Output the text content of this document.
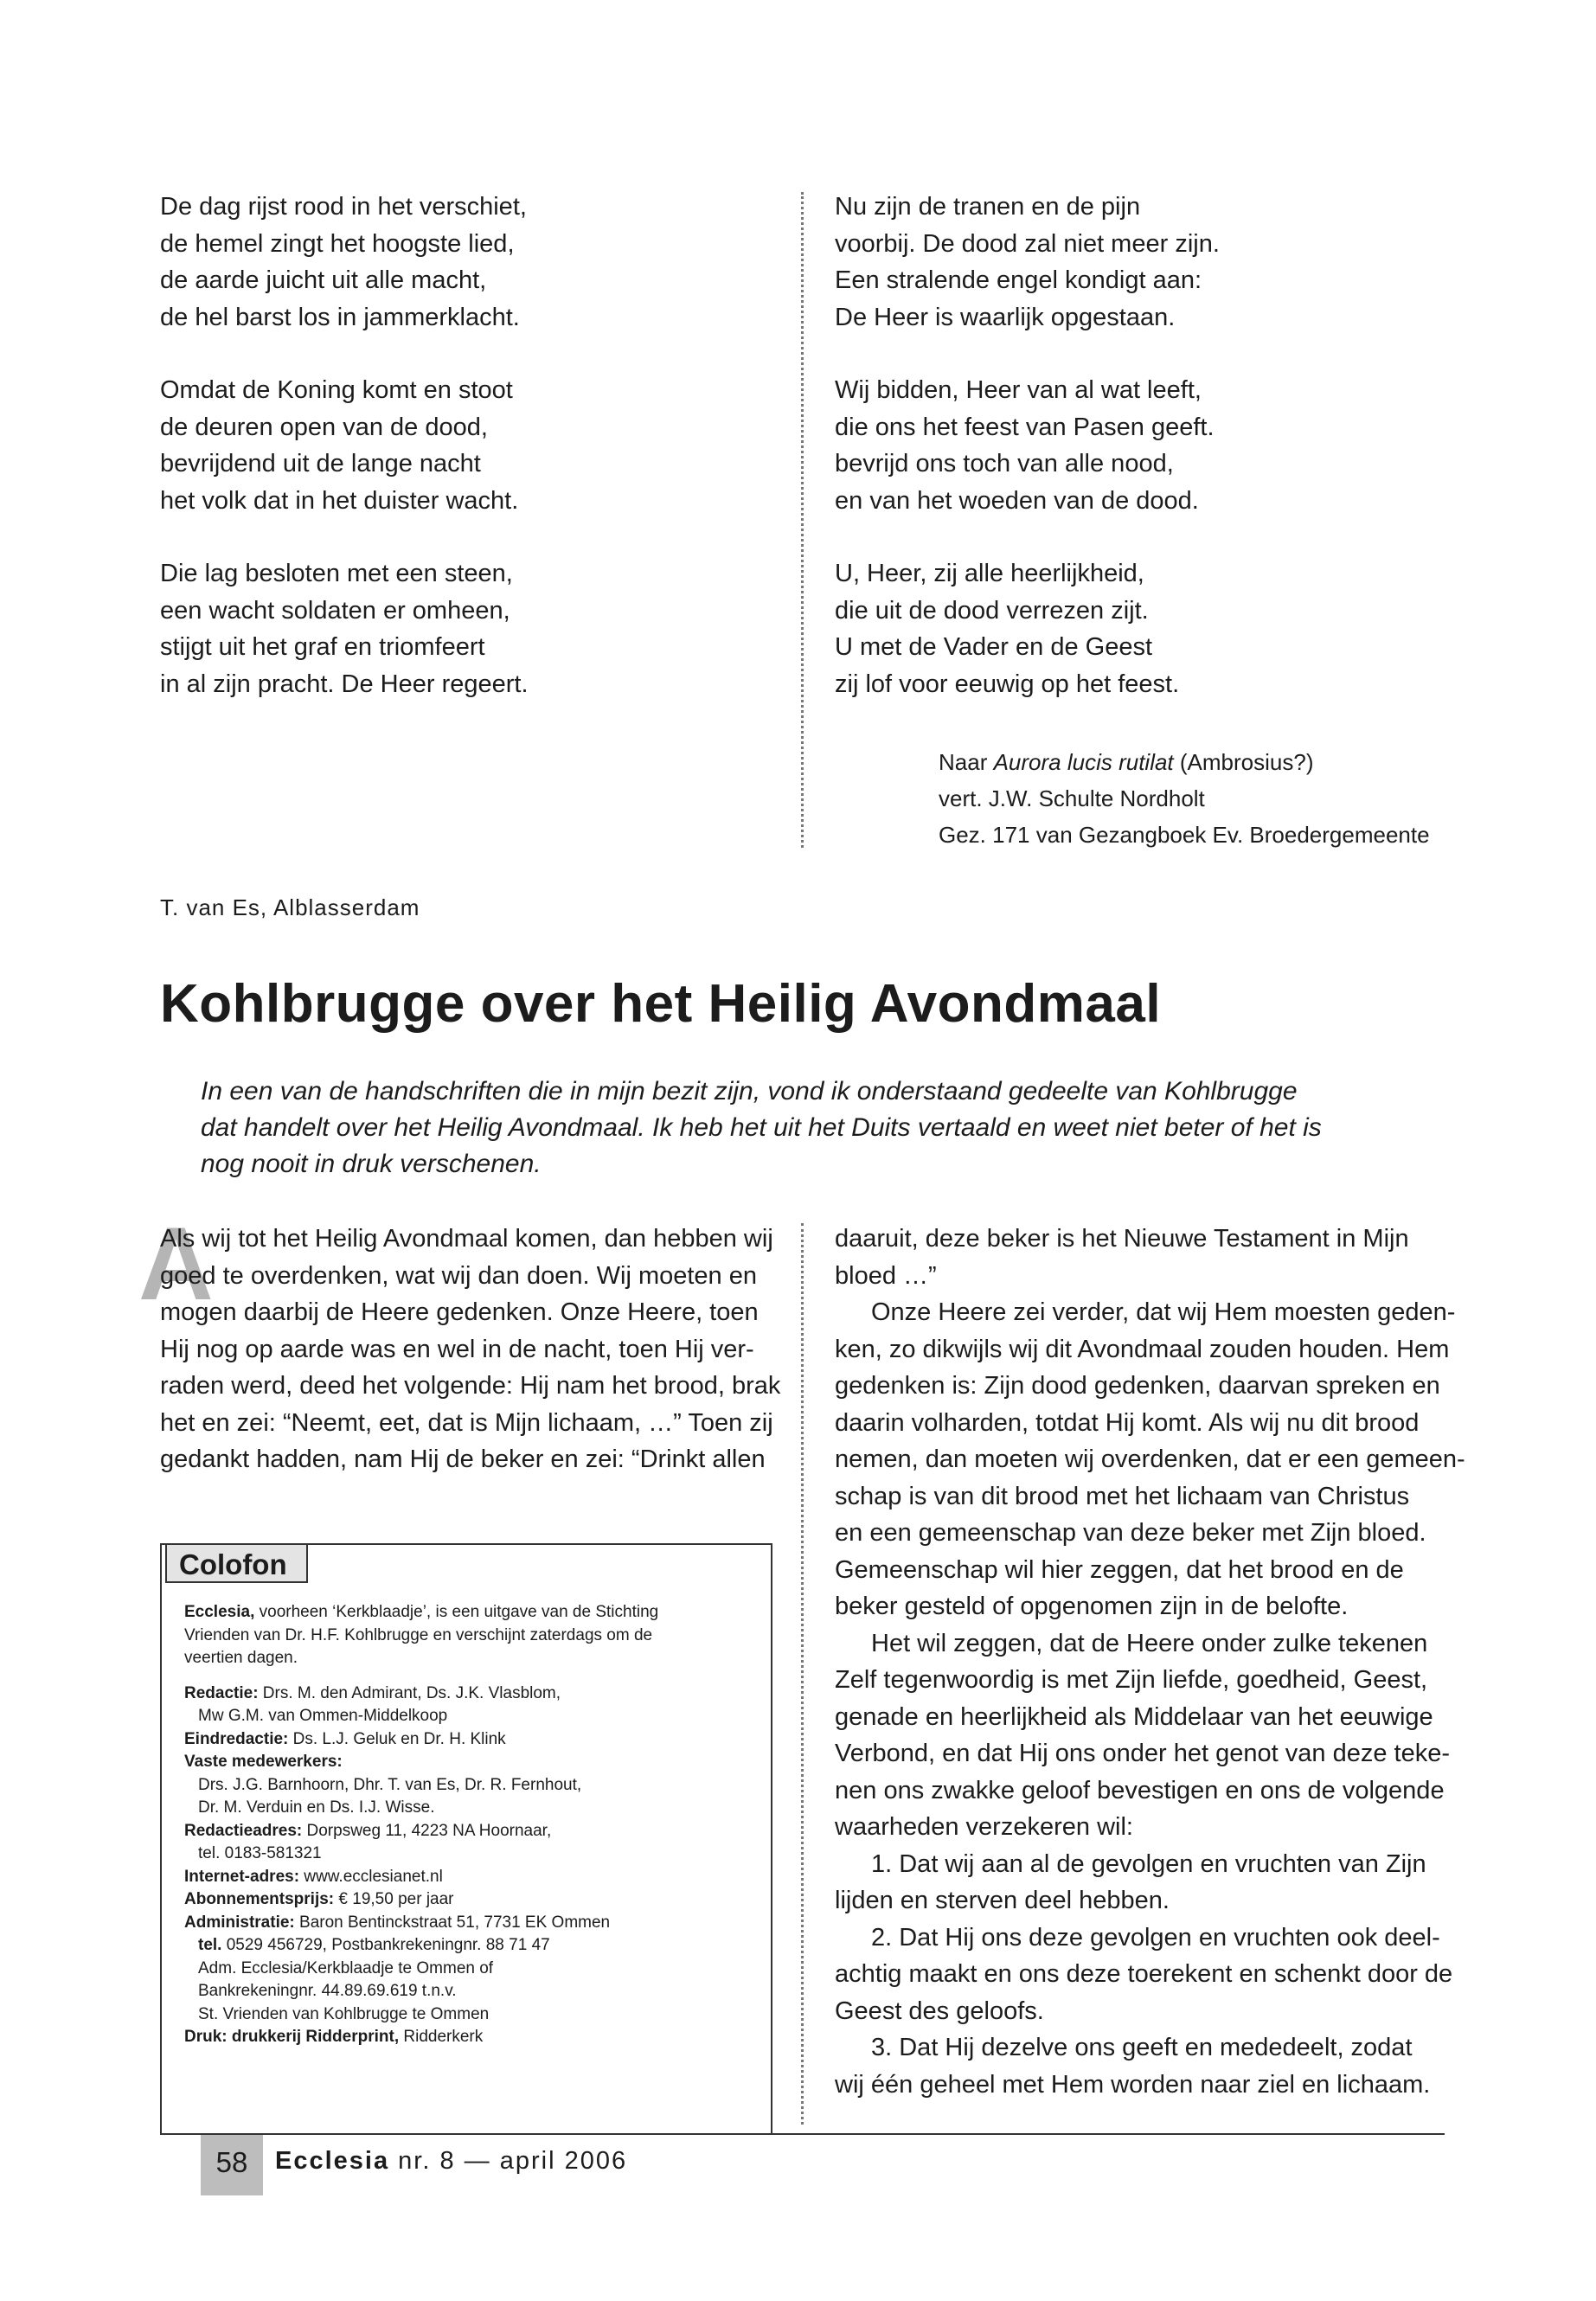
De dag rijst rood in het verschiet,
de hemel zingt het hoogste lied,
de aarde juicht uit alle macht,
de hel barst los in jammerklacht.
Omdat de Koning komt en stoot
de deuren open van de dood,
bevrijdend uit de lange nacht
het volk dat in het duister wacht.
Die lag besloten met een steen,
een wacht soldaten er omheen,
stijgt uit het graf en triomfeert
in al zijn pracht. De Heer regeert.
Nu zijn de tranen en de pijn
voorbij. De dood zal niet meer zijn.
Een stralende engel kondigt aan:
De Heer is waarlijk opgestaan.
Wij bidden, Heer van al wat leeft,
die ons het feest van Pasen geeft.
bevrijd ons toch van alle nood,
en van het woeden van de dood.
U, Heer, zij alle heerlijkheid,
die uit de dood verrezen zijt.
U met de Vader en de Geest
zij lof voor eeuwig op het feest.
Naar Aurora lucis rutilat (Ambrosius?)
vert. J.W. Schulte Nordholt
Gez. 171 van Gezangboek Ev. Broedergemeente
T. van Es, Alblasserdam
Kohlbrugge over het Heilig Avondmaal
In een van de handschriften die in mijn bezit zijn, vond ik onderstaand gedeelte van Kohlbrugge
dat handelt over het Heilig Avondmaal. Ik heb het uit het Duits vertaald en weet niet beter of het is
nog nooit in druk verschenen.
A
Als wij tot het Heilig Avondmaal komen, dan hebben wij
goed te overdenken, wat wij dan doen. Wij moeten en
mogen daarbij de Heere gedenken. Onze Heere, toen
Hij nog op aarde was en wel in de nacht, toen Hij ver-
raden werd, deed het volgende: Hij nam het brood, brak
het en zei: “Neemt, eet, dat is Mijn lichaam, …” Toen zij
gedankt hadden, nam Hij de beker en zei: “Drinkt allen
daaruit, deze beker is het Nieuwe Testament in Mijn
bloed …”
Onze Heere zei verder, dat wij Hem moesten geden-
ken, zo dikwijls wij dit Avondmaal zouden houden. Hem
gedenken is: Zijn dood gedenken, daarvan spreken en
daarin volharden, totdat Hij komt. Als wij nu dit brood
nemen, dan moeten wij overdenken, dat er een gemeen-
schap is van dit brood met het lichaam van Christus
en een gemeenschap van deze beker met Zijn bloed.
Gemeenschap wil hier zeggen, dat het brood en de
beker gesteld of opgenomen zijn in de belofte.
Het wil zeggen, dat de Heere onder zulke tekenen
Zelf tegenwoordig is met Zijn liefde, goedheid, Geest,
genade en heerlijkheid als Middelaar van het eeuwige
Verbond, en dat Hij ons onder het genot van deze teke-
nen ons zwakke geloof bevestigen en ons de volgende
waarheden verzekeren wil:
1. Dat wij aan al de gevolgen en vruchten van Zijn
lijden en sterven deel hebben.
2. Dat Hij ons deze gevolgen en vruchten ook deel-
achtig maakt en ons deze toerekent en schenkt door de
Geest des geloofs.
3. Dat Hij dezelve ons geeft en mededeelt, zodat
wij één geheel met Hem worden naar ziel en lichaam.
Colofon
Ecclesia, voorheen ‘Kerkblaadje’, is een uitgave van de Stichting
Vrienden van Dr. H.F. Kohlbrugge en verschijnt zaterdags om de
veertien dagen.
Redactie: Drs. M. den Admirant, Ds. J.K. Vlasblom,
Mw G.M. van Ommen-Middelkoop
Eindredactie: Ds. L.J. Geluk en Dr. H. Klink
Vaste medewerkers:
Drs. J.G. Barnhoorn, Dhr. T. van Es, Dr. R. Fernhout,
Dr. M. Verduin en Ds. I.J. Wisse.
Redactieadres: Dorpsweg 11, 4223 NA Hoornaar,
tel. 0183-581321
Internet-adres: www.ecclesianet.nl
Abonnementsprijs: € 19,50 per jaar
Administratie: Baron Bentinckstraat 51, 7731 EK Ommen
tel. 0529 456729, Postbankrekeningnr. 88 71 47
Adm. Ecclesia/Kerkblaadje te Ommen of
Bankrekeningnr. 44.89.69.619 t.n.v.
St. Vrienden van Kohlbrugge te Ommen
Druk: drukkerij Ridderprint, Ridderkerk
58	Ecclesia nr. 8 — april 2006
